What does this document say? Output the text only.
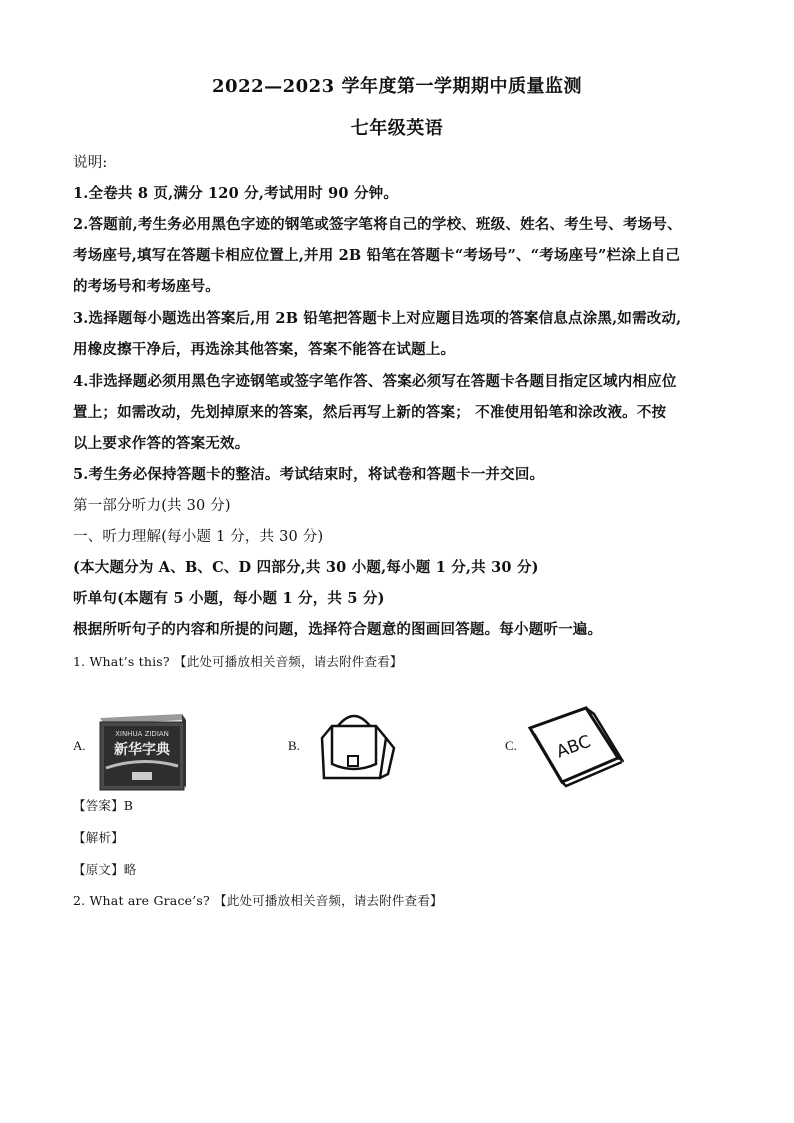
2022—2023 学年度第一学期期中质量监测
七年级英语
说明:
1.全卷共 8 页,满分 120 分,考试用时 90 分钟。
2.答题前,考生务必用黑色字迹的钢笔或签字笔将自己的学校、班级、姓名、考生号、考场号、
考场座号,填写在答题卡相应位置上,并用 2B 铅笔在答题卡“考场号”、“考场座号”栏涂上自己
的考场号和考场座号。
3.选择题每小题选出答案后,用 2B 铅笔把答题卡上对应题目选项的答案信息点涂黑,如需改动,
用橡皮擦干净后，再选涂其他答案，答案不能答在试题上。
4.非选择题必须用黑色字迹钢笔或签字笔作答、答案必须写在答题卡各题目指定区域内相应位
置上；如需改动，先划掉原来的答案，然后再写上新的答案； 不准使用铅笔和涂改液。不按
以上要求作答的答案无效。
5.考生务必保持答题卡的整洁。考试结束时，将试卷和答题卡一并交回。
第一部分听力(共 30 分)
一、听力理解(每小题 1 分，共 30 分)
(本大题分为 A、B、C、D 四部分,共 30 小题,每小题 1 分,共 30 分)
听单句(本题有 5 小题，每小题 1 分，共 5 分)
根据所听句子的内容和所提的问题，选择符合题意的图画回答题。每小题听一遍。
1. What’s this? 【此处可播放相关音频，请去附件查看】
A.
XINHUA ZIDIAN
新华字典	B.	C. ABC
【答案】B
【解析】
【原文】略
2. What are Grace’s? 【此处可播放相关音频，请去附件查看】
